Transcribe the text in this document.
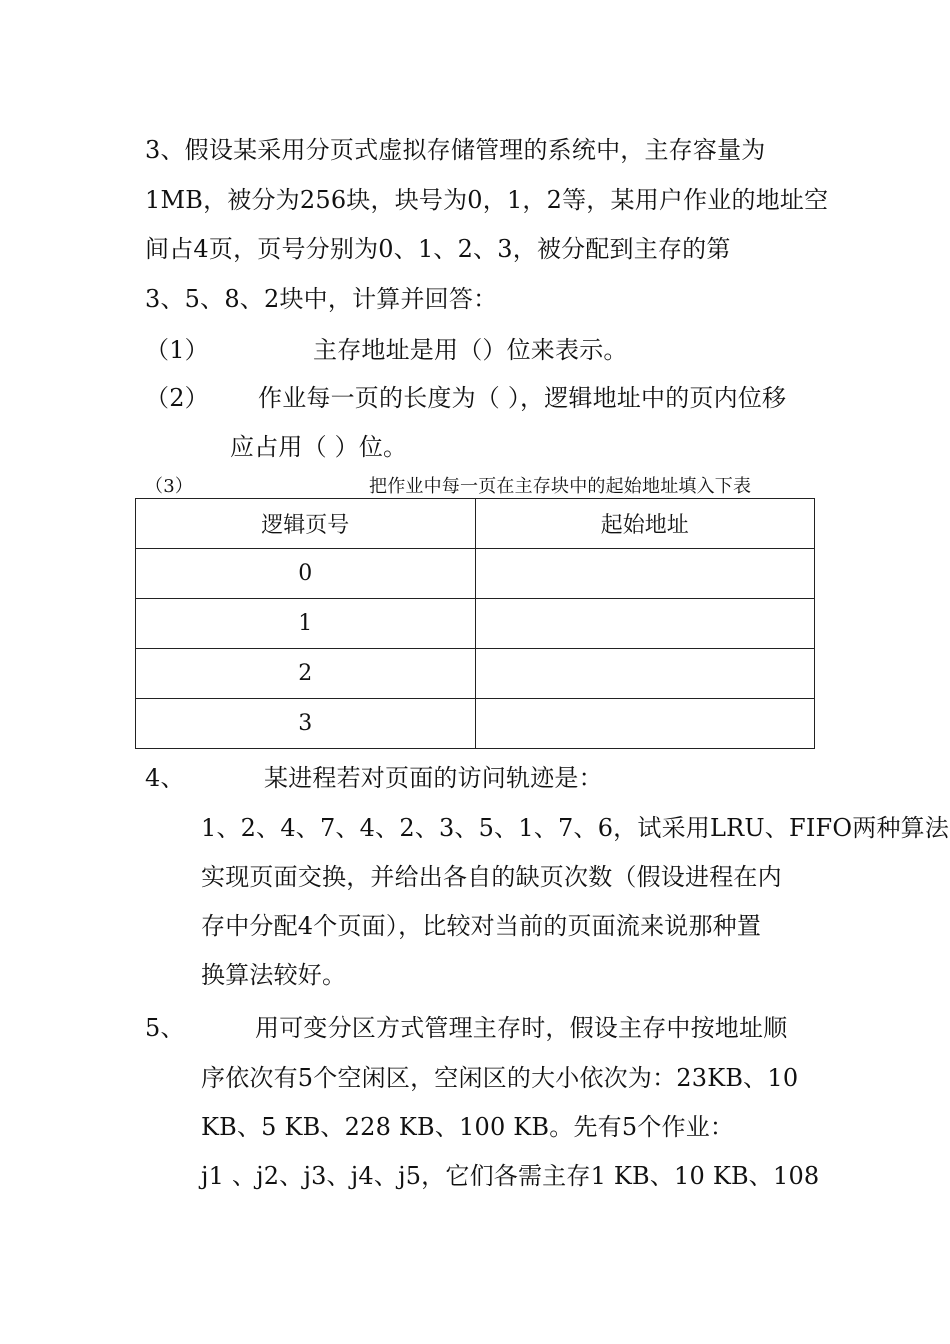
3、假设某采用分页式虚拟存储管理的系统中，主存容量为
1MB，被分为256块，块号为0，1，2等，某用户作业的地址空
间占4页，页号分别为0、1、2、3，被分配到主存的第
3、5、8、2块中，计算并回答：
（1）	主存地址是用（）位来表示。
（2） 作业每一页的长度为（ ），逻辑地址中的页内位移
应占用（ ）位。
（3）	把作业中每一页在主存块中的起始地址填入下表
逻辑页号	起始地址
0	
1	
2	
3	
4、	某进程若对页面的访问轨迹是：
1、2、4、7、4、2、3、5、1、7、6，试采用LRU、FIFO两种算法
实现页面交换，并给出各自的缺页次数（假设进程在内
存中分配4个页面），比较对当前的页面流来说那种置
换算法较好。
5、	用可变分区方式管理主存时，假设主存中按地址顺
序依次有5个空闲区，空闲区的大小依次为：23KB、10
KB、5 KB、228 KB、100 KB。先有5个作业：
j1 、j2、j3、j4、j5，它们各需主存1 KB、10 KB、108
